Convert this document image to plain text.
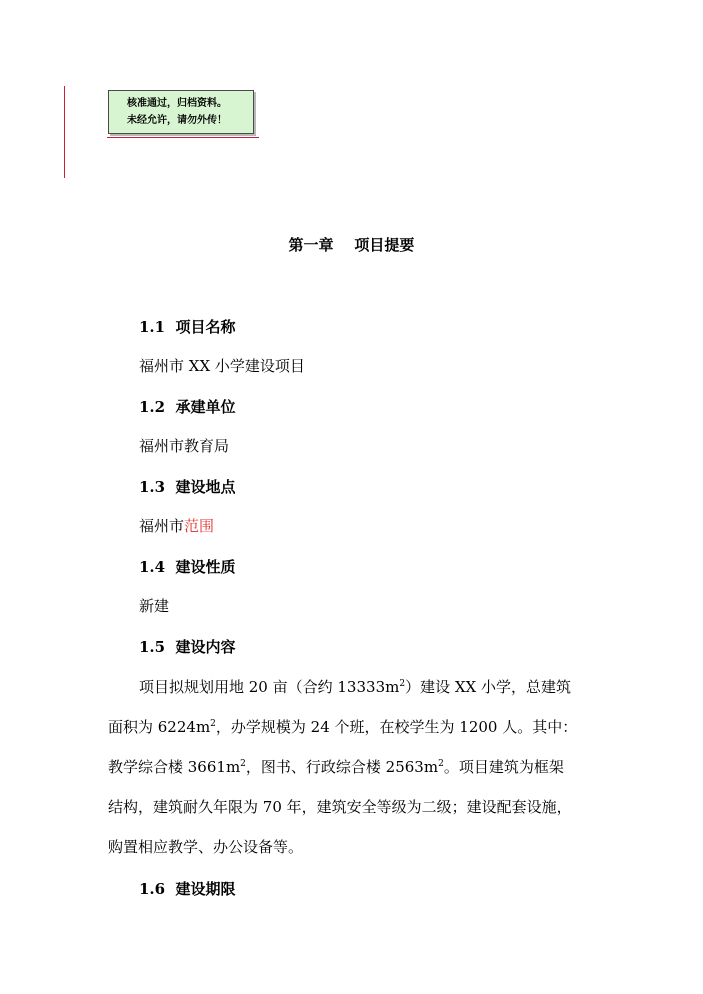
核准通过，归档资料。
未经允许，请勿外传！
第一章    项目提要
1.1  项目名称
福州市 XX 小学建设项目
1.2  承建单位
福州市教育局
1.3  建设地点
福州市范围
1.4  建设性质
新建
1.5  建设内容
项目拟规划用地 20 亩（合约 $13333m^2$）建设 XX 小学，总建筑
面积为 $6224m^2$，办学规模为 24 个班，在校学生为 1200 人。其中：
教学综合楼 $3661m^2$，图书、行政综合楼 $2563m^2$。项目建筑为框架
结构，建筑耐久年限为 70 年，建筑安全等级为二级；建设配套设施，
购置相应教学、办公设备等。
1.6  建设期限
